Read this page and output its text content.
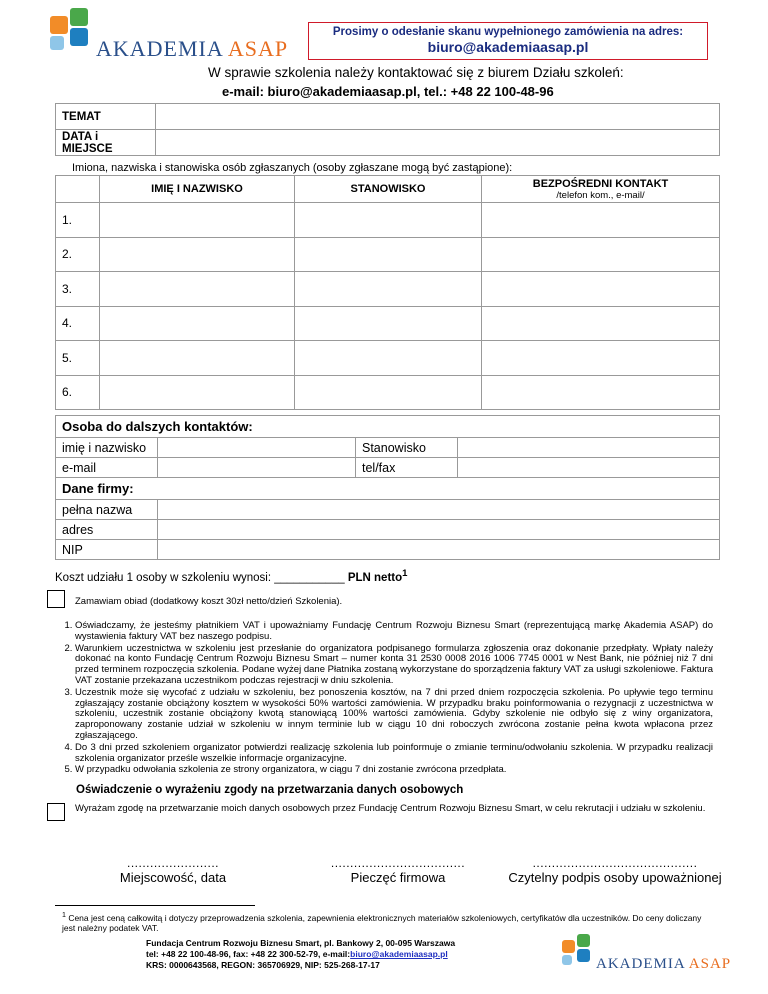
AKADEMIA ASAP
Prosimy o odesłanie skanu wypełnionego zamówienia na adres:
biuro@akademiaasap.pl
W sprawie szkolenia należy kontaktować się z biurem Działu szkoleń:
e-mail: biuro@akademiaasap.pl, tel.: +48 22 100-48-96
TEMAT	
DATA i MIEJSCE	
Imiona, nazwiska i stanowiska osób zgłaszanych (osoby zgłaszane mogą być zastąpione):
	IMIĘ I NAZWISKO	STANOWISKO	BEZPOŚREDNI KONTAKT
/telefon kom., e-mail/

1.			
2.			
3.			
4.			
5.			
6.			
Osoba do dalszych kontaktów:			
imię i nazwisko		Stanowisko	
e-mail		tel/fax	
Dane firmy:			
pełna nazwa			
adres			
NIP			
Koszt udziału 1 osoby w szkoleniu wynosi: ___________ PLN netto$^1$
Zamawiam obiad (dodatkowy koszt 30zł netto/dzień Szkolenia).
1. Oświadczamy, że jesteśmy płatnikiem VAT i upoważniamy Fundację Centrum Rozwoju Biznesu Smart (reprezentującą markę Akademia ASAP) do wystawienia faktury VAT bez naszego podpisu.
2. Warunkiem uczestnictwa w szkoleniu jest przesłanie do organizatora podpisanego formularza zgłoszenia oraz dokonanie przedpłaty. Wpłaty należy dokonać na konto Fundację Centrum Rozwoju Biznesu Smart – numer konta 31 2530 0008 2016 1006 7745 0001 w Nest Bank, nie później niż 7 dni przed terminem rozpoczęcia szkolenia. Podane wyżej dane Płatnika zostaną wykorzystane do sporządzenia faktury VAT za usługi szkoleniowe. Faktura VAT zostanie przekazana uczestnikom podczas rejestracji w dniu szkolenia.
3. Uczestnik może się wycofać z udziału w szkoleniu, bez ponoszenia kosztów, na 7 dni przed dniem rozpoczęcia szkolenia. Po upływie tego terminu zgłaszający zostanie obciążony kosztem w wysokości 50% wartości zamówienia. W przypadku braku poinformowania o rezygnacji z uczestnictwa w szkoleniu, uczestnik zostanie obciążony kwotą stanowiącą 100% wartości zamówienia. Gdyby szkolenie nie odbyło się z winy organizatora, zaproponowany zostanie udział w szkoleniu w innym terminie lub w ciągu 10 dni roboczych zwrócona zostanie pełna kwota wpłacona przez zgłaszającego.
4. Do 3 dni przed szkoleniem organizator potwierdzi realizację szkolenia lub poinformuje o zmianie terminu/odwołaniu szkolenia. W przypadku realizacji szkolenia organizator prześle wszelkie informacje organizacyjne.
5. W przypadku odwołania szkolenia ze strony organizatora, w ciągu 7 dni zostanie zwrócona przedpłata.
Oświadczenie o wyrażeniu zgody na przetwarzania danych osobowych
Wyrażam zgodę na przetwarzanie moich danych osobowych przez Fundację Centrum Rozwoju Biznesu Smart, w celu rekrutacji i udziału w szkoleniu.
........................
Miejscowość, data
...................................
Pieczęć firmowa
...........................................
Czytelny podpis osoby upoważnionej
$^1$ Cena jest ceną całkowitą i dotyczy przeprowadzenia szkolenia, zapewnienia elektronicznych materiałów szkoleniowych, certyfikatów dla uczestników. Do ceny doliczany jest należny podatek VAT.
Fundacja Centrum Rozwoju Biznesu Smart, pl. Bankowy 2, 00-095 Warszawa
tel: +48 22 100-48-96, fax: +48 22 300-52-79, e-mail:biuro@akademiaasap.pl
KRS: 0000643568, REGON: 365706929, NIP: 525-268-17-17	AKADEMIA ASAP
